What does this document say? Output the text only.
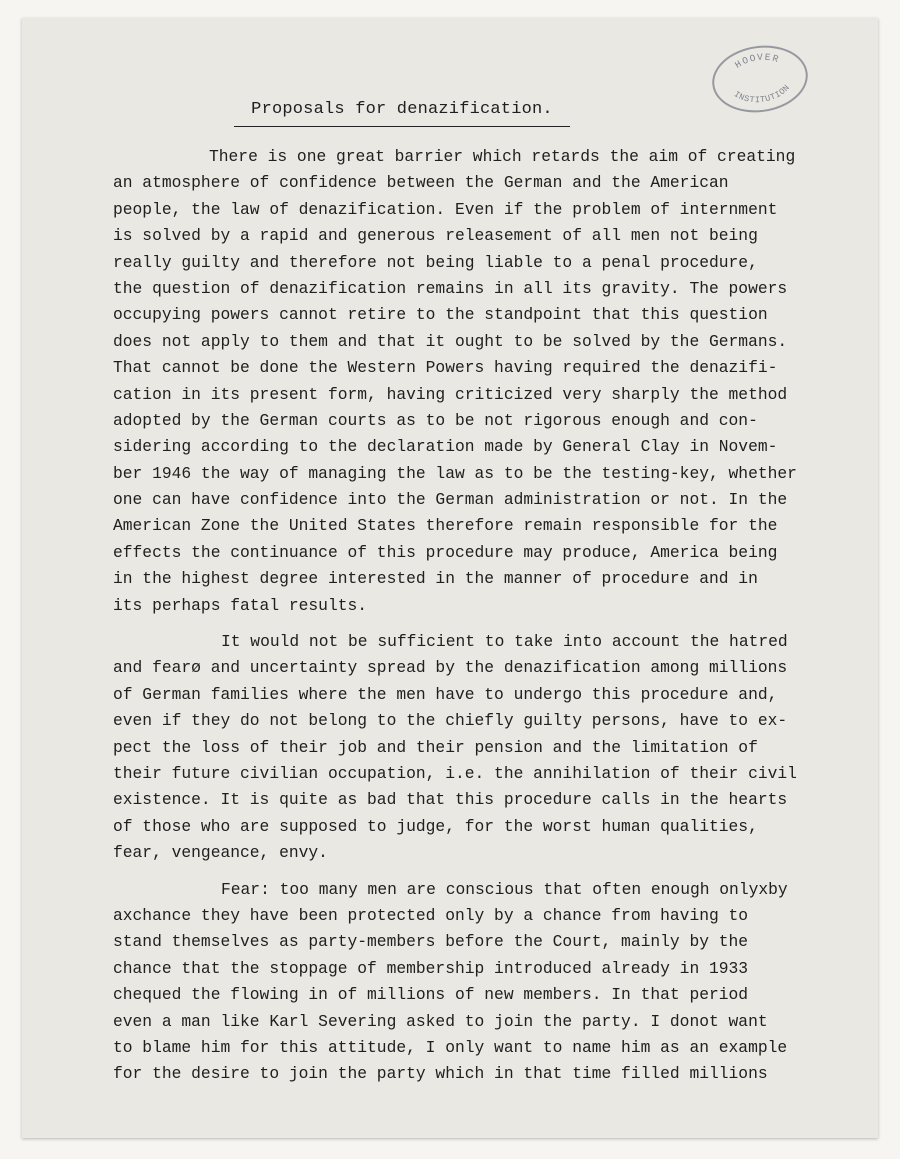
HOOVER
INSTITUTION
Proposals for denazification.
There is one great barrier which retards the aim of creating
an atmosphere of confidence between the German and the American
people, the law of denazification. Even if the problem of internment
is solved by a rapid and generous releasement of all men not being
really guilty and therefore not being liable to a penal procedure,
the question of denazification remains in all its gravity. The powers
occupying powers cannot retire to the standpoint that this question
does not apply to them and that it ought to be solved by the Germans.
That cannot be done the Western Powers having required the denazifi-
cation in its present form, having criticized very sharply the method
adopted by the German courts as to be not rigorous enough and con-
sidering according to the declaration made by General Clay in Novem-
ber 1946 the way of managing the law as to be the testing-key, whether
one can have confidence into the German administration or not. In the
American Zone the United States therefore remain responsible for the
effects the continuance of this procedure may produce, America being
in the highest degree interested in the manner of procedure and in
its perhaps fatal results.
It would not be sufficient to take into account the hatred
and fearø and uncertainty spread by the denazification among millions
of German families where the men have to undergo this procedure and,
even if they do not belong to the chiefly guilty persons, have to ex-
pect the loss of their job and their pension and the limitation of
their future civilian occupation, i.e. the annihilation of their civil
existence. It is quite as bad that this procedure calls in the hearts
of those who are supposed to judge, for the worst human qualities,
fear, vengeance, envy.
Fear: too many men are conscious that often enough onlyxby
axchance they have been protected only by a chance from having to
stand themselves as party-members before the Court, mainly by the
chance that the stoppage of membership introduced already in 1933
chequed the flowing in of millions of new members. In that period
even a man like Karl Severing asked to join the party. I donot want
to blame him for this attitude, I only want to name him as an example
for the desire to join the party which in that time filled millions
